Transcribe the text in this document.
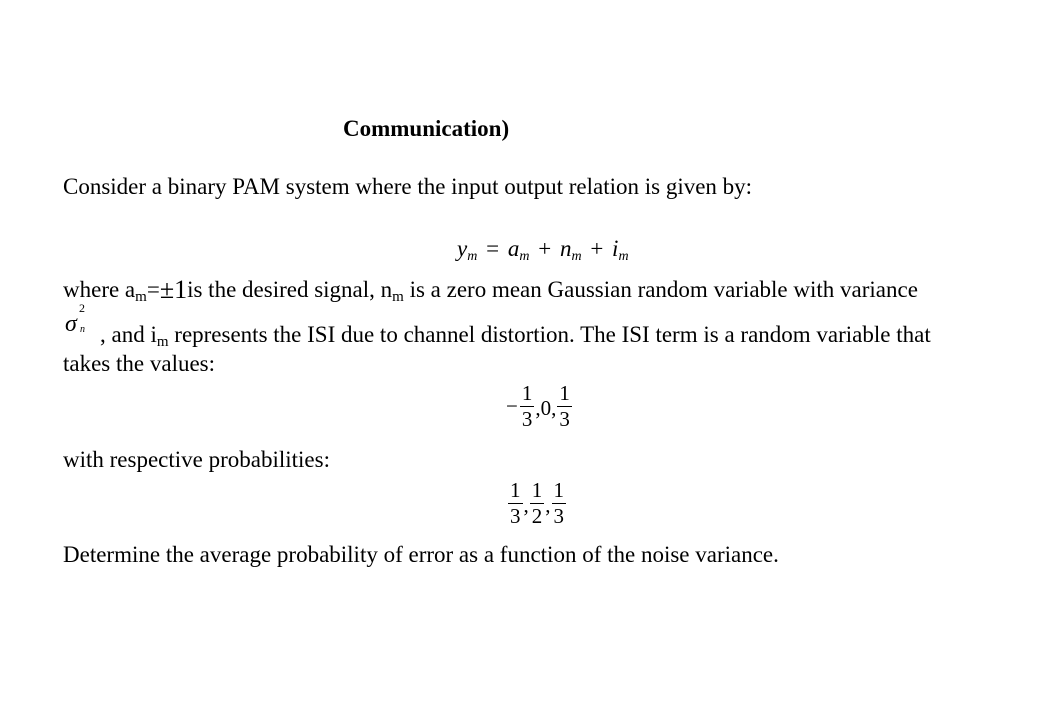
Communication)
Consider a binary PAM system where the input output relation is given by:
ym = am + nm + im
where $a_m=\pm 1is$ the desired signal, $n_m$ is a zero mean Gaussian random variable with variance
σ
2
n , and $i_m$ represents the ISI due to channel distortion. The ISI term is a random variable that
takes the values:
− $\frac{1}{3} ,0$, $\frac{1}{3}$
with respective probabilities:
$\frac{1}{3}$ , $\frac{1}{2}$ , $\frac{1}{3}$
Determine the average probability of error as a function of the noise variance.
